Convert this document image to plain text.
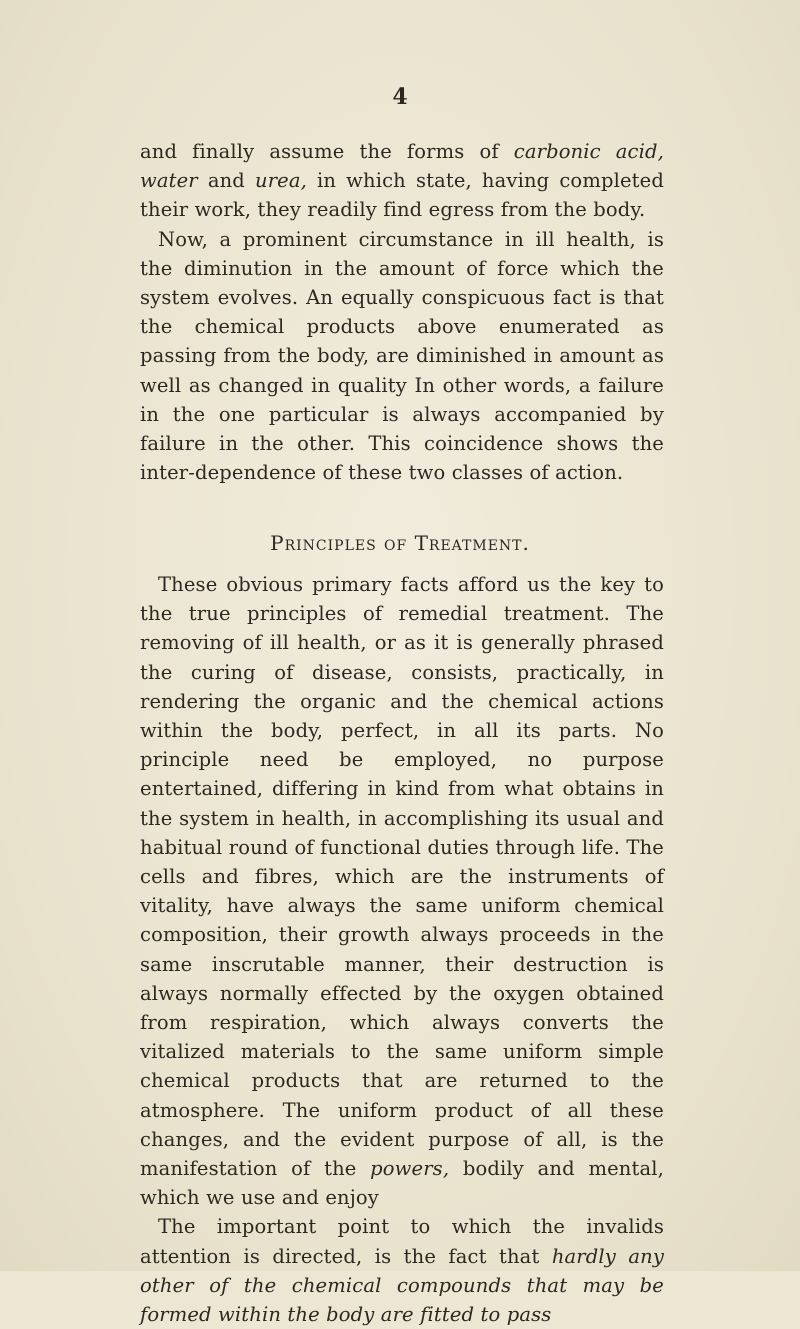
4

and finally assume the forms of carbonic acid, water and urea, in which state, having completed their work, they readily find egress from the body.

Now, a prominent circumstance in ill health, is the diminution in the amount of force which the system evolves. An equally conspicuous fact is that the chemical products above enumerated as passing from the body, are diminished in amount as well as changed in quality In other words, a failure in the one particular is always accompanied by failure in the other. This coincidence shows the inter-dependence of these two classes of action.

Principles of Treatment.

These obvious primary facts afford us the key to the true principles of remedial treatment. The removing of ill health, or as it is generally phrased the curing of disease, consists, practically, in rendering the organic and the chemical actions within the body, perfect, in all its parts. No principle need be employed, no purpose entertained, differing in kind from what obtains in the system in health, in accomplishing its usual and habitual round of functional duties through life. The cells and fibres, which are the instruments of vitality, have always the same uniform chemical composition, their growth always proceeds in the same inscrutable manner, their destruction is always normally effected by the oxygen obtained from respiration, which always converts the vitalized materials to the same uniform simple chemical products that are returned to the atmosphere. The uniform product of all these changes, and the evident purpose of all, is the manifestation of the powers, bodily and mental, which we use and enjoy

The important point to which the invalids attention is directed, is the fact that hardly any other of the chemical compounds that may be formed within the body are fitted to pass
